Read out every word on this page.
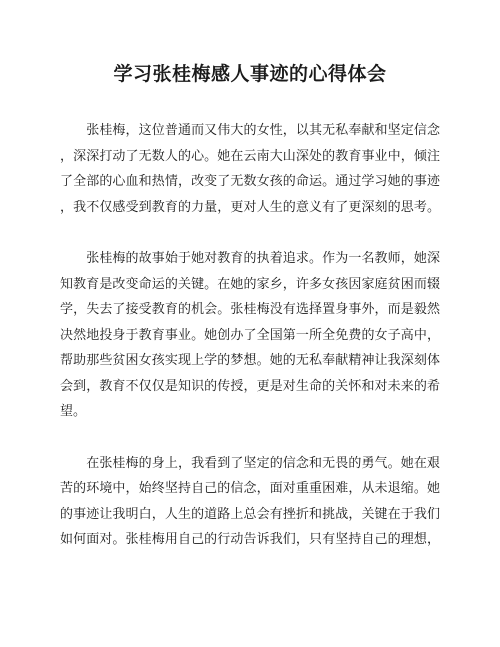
学习张桂梅感人事迹的心得体会

　　张桂梅，这位普通而又伟大的女性，以其无私奉献和坚定信念
，深深打动了无数人的心。她在云南大山深处的教育事业中，倾注
了全部的心血和热情，改变了无数女孩的命运。通过学习她的事迹
，我不仅感受到教育的力量，更对人生的意义有了更深刻的思考。

　　张桂梅的故事始于她对教育的执着追求。作为一名教师，她深
知教育是改变命运的关键。在她的家乡，许多女孩因家庭贫困而辍
学，失去了接受教育的机会。张桂梅没有选择置身事外，而是毅然
决然地投身于教育事业。她创办了全国第一所全免费的女子高中，
帮助那些贫困女孩实现上学的梦想。她的无私奉献精神让我深刻体
会到，教育不仅仅是知识的传授，更是对生命的关怀和对未来的希
望。

　　在张桂梅的身上，我看到了坚定的信念和无畏的勇气。她在艰
苦的环境中，始终坚持自己的信念，面对重重困难，从未退缩。她
的事迹让我明白，人生的道路上总会有挫折和挑战，关键在于我们
如何面对。张桂梅用自己的行动告诉我们，只有坚持自己的理想，
